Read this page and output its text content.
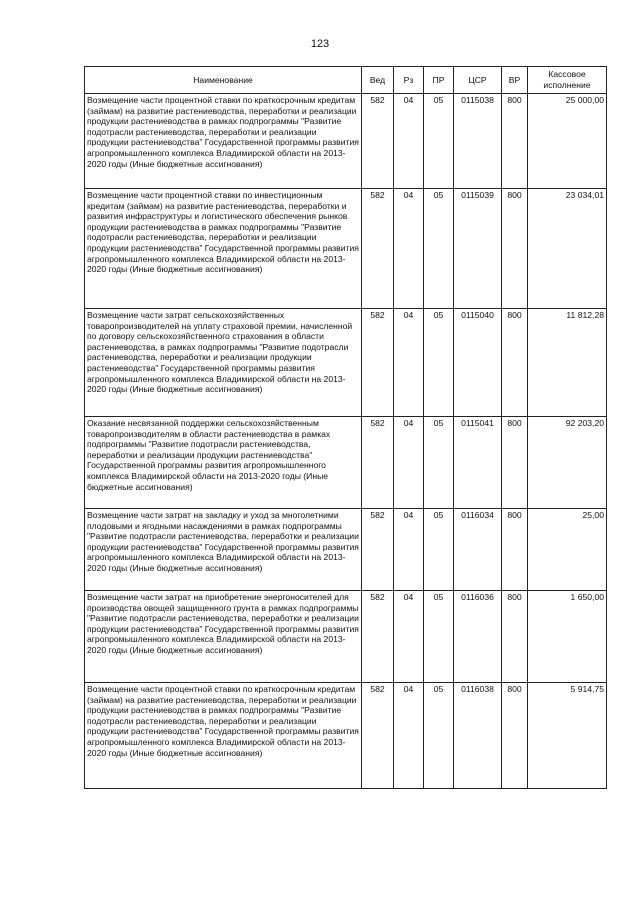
123
Наименование	Вед	Рз	ПР	ЦСР	ВР	Кассовое исполнение
Возмещение части процентной ставки по краткосрочным кредитам (займам) на развитие растениеводства, переработки и реализации продукции растениеводства в рамках подпрограммы "Развитие подотрасли растениеводства, переработки и реализации продукции растениеводства" Государственной программы развития агропромышленного комплекса Владимирской области на 2013-2020 годы (Иные бюджетные ассигнования)	582	04	05	0115038	800	25 000,00
Возмещение части процентной ставки по инвестиционным кредитам (займам) на развитие растениеводства, переработки и развития инфраструктуры и логистического обеспечения рынков продукции растениеводства в рамках подпрограммы "Развитие подотрасли растениеводства, переработки и реализации продукции растениеводства" Государственной программы развития агропромышленного комплекса Владимирской области на 2013-2020 годы (Иные бюджетные ассигнования)	582	04	05	0115039	800	23 034,01
Возмещение части затрат сельскохозяйственных товаропроизводителей на уплату страховой премии, начисленной по договору сельскохозяйственного страхования в области растениеводства, в рамках подпрограммы "Развитие подотрасли растениеводства, переработки и реализации продукции растениеводства" Государственной программы развития агропромышленного комплекса Владимирской области на 2013-2020 годы (Иные бюджетные ассигнования)	582	04	05	0115040	800	11 812,28
Оказание несвязанной поддержки сельскохозяйственным товаропроизводителям в области растениеводства в рамках подпрограммы "Развитие подотрасли растениеводства, переработки и реализации продукции растениеводства" Государственной программы развития агропромышленного комплекса Владимирской области на 2013-2020 годы (Иные бюджетные ассигнования)	582	04	05	0115041	800	92 203,20
Возмещение части затрат на закладку и уход за многолетними плодовыми и ягодными насаждениями в рамках подпрограммы "Развитие подотрасли растениеводства, переработки и реализации продукции растениеводства" Государственной программы развития агропромышленного комплекса Владимирской области на 2013-2020 годы (Иные бюджетные ассигнования)	582	04	05	0116034	800	25,00
Возмещение части затрат на приобретение энергоносителей для производства овощей защищенного грунта в рамках подпрограммы "Развитие подотрасли растениеводства, переработки и реализации продукции растениеводства" Государственной программы развития агропромышленного комплекса Владимирской области на 2013-2020 годы (Иные бюджетные ассигнования)	582	04	05	0116036	800	1 650,00
Возмещение части процентной ставки по краткосрочным кредитам (займам) на развитие растениеводства, переработки и реализации продукции растениеводства в рамках подпрограммы "Развитие подотрасли растениеводства, переработки и реализации продукции растениеводства" Государственной программы развития агропромышленного комплекса Владимирской области на 2013-2020 годы (Иные бюджетные ассигнования)	582	04	05	0116038	800	5 914,75
